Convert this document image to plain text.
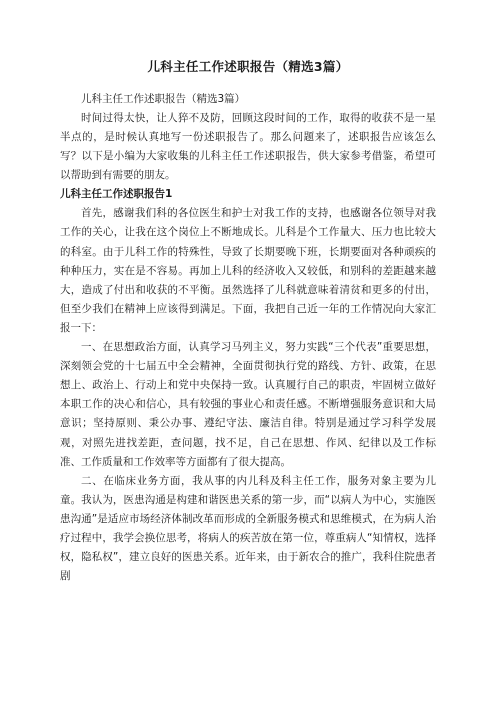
儿科主任工作述职报告（精选3篇）
儿科主任工作述职报告（精选3篇）

时间过得太快，让人猝不及防，回顾这段时间的工作，取得的收获不是一星半点的，是时候认真地写一份述职报告了。那么问题来了，述职报告应该怎么写？以下是小编为大家收集的儿科主任工作述职报告，供大家参考借鉴，希望可以帮助到有需要的朋友。

儿科主任工作述职报告1

首先，感谢我们科的各位医生和护士对我工作的支持，也感谢各位领导对我工作的关心，让我在这个岗位上不断地成长。儿科是个工作量大、压力也比较大的科室。由于儿科工作的特殊性，导致了长期要晚下班，长期要面对各种顽疾的种种压力，实在是不容易。再加上儿科的经济收入又较低，和别科的差距越来越大，造成了付出和收获的不平衡。虽然选择了儿科就意味着清贫和更多的付出，但至少我们在精神上应该得到满足。下面，我把自己近一年的工作情况向大家汇报一下：

一、在思想政治方面，认真学习马列主义，努力实践“三个代表”重要思想，深刻领会党的十七届五中全会精神，全面贯彻执行党的路线、方针、政策，在思想上、政治上、行动上和党中央保持一致。认真履行自己的职责，牢固树立做好本职工作的决心和信心，具有较强的事业心和责任感。不断增强服务意识和大局意识；坚持原则、秉公办事、遵纪守法、廉洁自律。特别是通过学习科学发展观，对照先进找差距，查问题，找不足，自己在思想、作风、纪律以及工作标准、工作质量和工作效率等方面都有了很大提高。

二、在临床业务方面，我从事的内儿科及科主任工作，服务对象主要为儿童。我认为，医患沟通是构建和谐医患关系的第一步，而“以病人为中心，实施医患沟通”是适应市场经济体制改革而形成的全新服务模式和思维模式，在为病人治疗过程中，我学会换位思考，将病人的疾苦放在第一位，尊重病人“知情权，选择权，隐私权”，建立良好的医患关系。近年来，由于新农合的推广，我科住院患者剧
